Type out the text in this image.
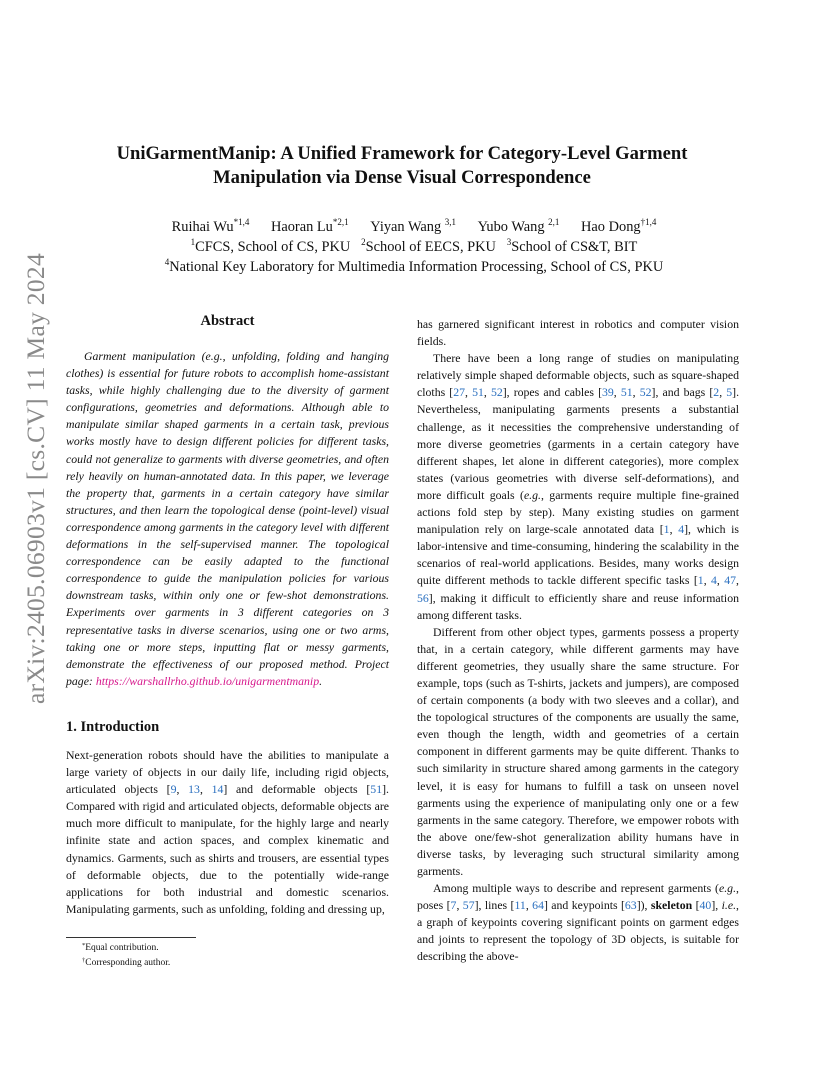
arXiv:2405.06903v1 [cs.CV] 11 May 2024
UniGarmentManip: A Unified Framework for Category-Level Garment
Manipulation via Dense Visual Correspondence
Ruihai Wu$^{*1,4}$ Haoran Lu$^{*2,1}$ Yiyan Wang $^{3,1}$ Yubo Wang $^{2,1}$ Hao Dong$^{\dagger 1,4}$
$^1$CFCS, School of CS, PKU $^2$School of EECS, PKU $^3$School of CS&T, BIT
$^4$National Key Laboratory for Multimedia Information Processing, School of CS, PKU
Abstract

Garment manipulation (e.g., unfolding, folding and hanging clothes) is essential for future robots to accomplish home-assistant tasks, while highly challenging due to the diversity of garment configurations, geometries and deformations. Although able to manipulate similar shaped garments in a certain task, previous works mostly have to design different policies for different tasks, could not generalize to garments with diverse geometries, and often rely heavily on human-annotated data. In this paper, we leverage the property that, garments in a certain category have similar structures, and then learn the topological dense (point-level) visual correspondence among garments in the category level with different deformations in the self-supervised manner. The topological correspondence can be easily adapted to the functional correspondence to guide the manipulation policies for various downstream tasks, within only one or few-shot demonstrations. Experiments over garments in 3 different categories on 3 representative tasks in diverse scenarios, using one or two arms, taking one or more steps, inputting flat or messy garments, demonstrate the effectiveness of our proposed method. Project page: https://warshallrho.github.io/unigarmentmanip.

1. Introduction

Next-generation robots should have the abilities to manipulate a large variety of objects in our daily life, including rigid objects, articulated objects [9, 13, 14] and deformable objects [51]. Compared with rigid and articulated objects, deformable objects are much more difficult to manipulate, for the highly large and nearly infinite state and action spaces, and complex kinematic and dynamics. Garments, such as shirts and trousers, are essential types of deformable objects, due to the potentially wide-range applications for both industrial and domestic scenarios. Manipulating garments, such as unfolding, folding and dressing up,

has garnered significant interest in robotics and computer vision fields.

There have been a long range of studies on manipulating relatively simple shaped deformable objects, such as square-shaped cloths [27, 51, 52], ropes and cables [39, 51, 52], and bags [2, 5]. Nevertheless, manipulating garments presents a substantial challenge, as it necessities the comprehensive understanding of more diverse geometries (garments in a certain category have different shapes, let alone in different categories), more complex states (various geometries with diverse self-deformations), and more difficult goals (e.g., garments require multiple fine-grained actions fold step by step). Many existing studies on garment manipulation rely on large-scale annotated data [1, 4], which is labor-intensive and time-consuming, hindering the scalability in the scenarios of real-world applications. Besides, many works design quite different methods to tackle different specific tasks [1, 4, 47, 56], making it difficult to efficiently share and reuse information among different tasks.

Different from other object types, garments possess a property that, in a certain category, while different garments may have different geometries, they usually share the same structure. For example, tops (such as T-shirts, jackets and jumpers), are composed of certain components (a body with two sleeves and a collar), and the topological structures of the components are usually the same, even though the length, width and geometries of a certain component in different garments may be quite different. Thanks to such similarity in structure shared among garments in the category level, it is easy for humans to fulfill a task on unseen novel garments using the experience of manipulating only one or a few garments in the same category. Therefore, we empower robots with the above one/few-shot generalization ability humans have in diverse tasks, by leveraging such structural similarity among garments.

Among multiple ways to describe and represent garments (e.g., poses [7, 57], lines [11, 64] and keypoints [63]), skeleton [40], i.e., a graph of keypoints covering significant points on garment edges and joints to represent the topology of 3D objects, is suitable for describing the above-

*Equal contribution.
†Corresponding author.
